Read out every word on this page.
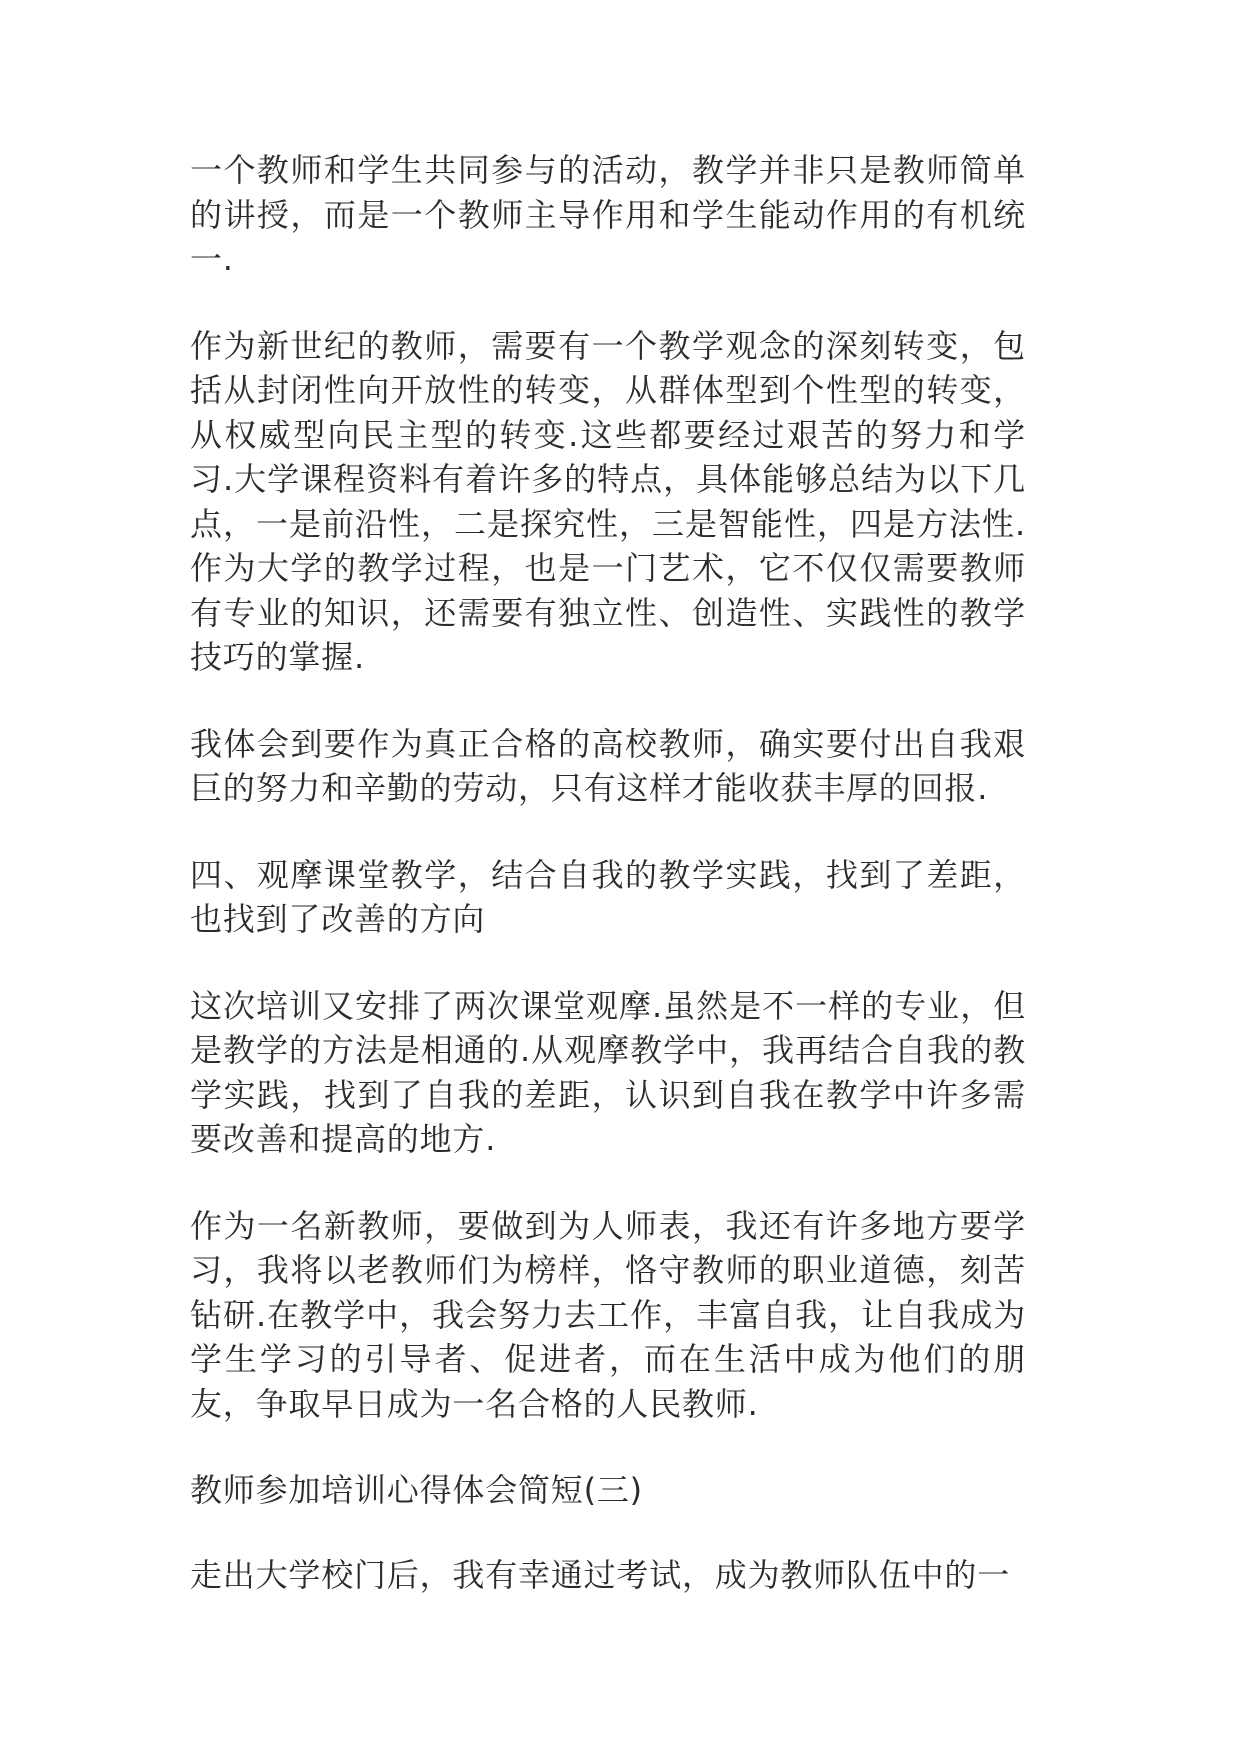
一个教师和学生共同参与的活动，教学并非只是教师简单的讲授，而是一个教师主导作用和学生能动作用的有机统一.

作为新世纪的教师，需要有一个教学观念的深刻转变，包括从封闭性向开放性的转变，从群体型到个性型的转变，从权威型向民主型的转变.这些都要经过艰苦的努力和学习.大学课程资料有着许多的特点，具体能够总结为以下几点，一是前沿性，二是探究性，三是智能性，四是方法性.作为大学的教学过程，也是一门艺术，它不仅仅需要教师有专业的知识，还需要有独立性、创造性、实践性的教学技巧的掌握.

我体会到要作为真正合格的高校教师，确实要付出自我艰巨的努力和辛勤的劳动，只有这样才能收获丰厚的回报.

四、观摩课堂教学，结合自我的教学实践，找到了差距，也找到了改善的方向

这次培训又安排了两次课堂观摩.虽然是不一样的专业，但是教学的方法是相通的.从观摩教学中，我再结合自我的教学实践，找到了自我的差距，认识到自我在教学中许多需要改善和提高的地方.

作为一名新教师，要做到为人师表，我还有许多地方要学习，我将以老教师们为榜样，恪守教师的职业道德，刻苦钻研.在教学中，我会努力去工作，丰富自我，让自我成为学生学习的引导者、促进者，而在生活中成为他们的朋友，争取早日成为一名合格的人民教师.

教师参加培训心得体会简短(三)

走出大学校门后，我有幸通过考试，成为教师队伍中的一
